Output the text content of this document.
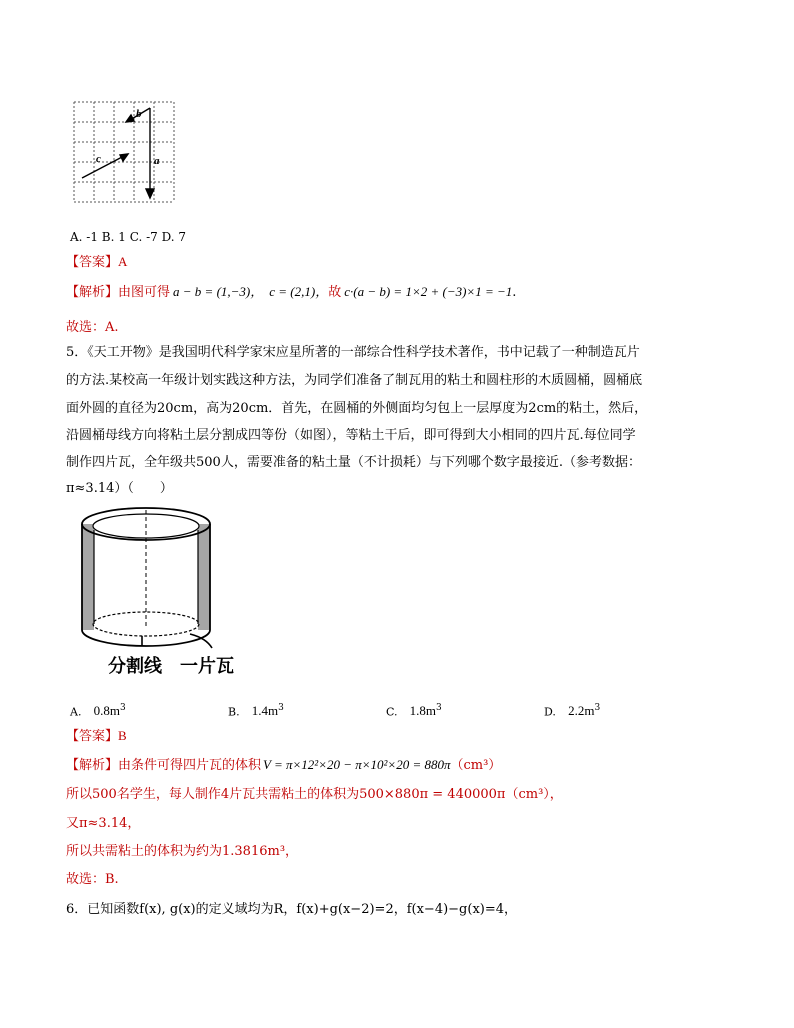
b
c	a
A. -1 B. 1 C. -7 D. 7
【答案】A
【解析】由图可得 a − b = (1,−3)， c = (2,1)，故 c·(a − b) = 1×2 + (−3)×1 = −1.
故选：A.
5．《天工开物》是我国明代科学家宋应星所著的一部综合性科学技术著作，书中记载了一种制造瓦片
的方法.某校高一年级计划实践这种方法，为同学们准备了制瓦用的粘土和圆柱形的木质圆桶，圆桶底
面外圆的直径为20cm，高为20cm．首先，在圆桶的外侧面均匀包上一层厚度为2cm的粘土，然后，
沿圆桶母线方向将粘土层分割成四等份（如图），等粘土干后，即可得到大小相同的四片瓦.每位同学
制作四片瓦，全年级共500人，需要准备的粘土量（不计损耗）与下列哪个数字最接近.（参考数据：
π≈3.14）（　　）
分割线 一片瓦
A. $0.8m^3$	B. $1.4m^3$	C. $1.8m^3$	D. $2.2m^3$
【答案】B
【解析】由条件可得四片瓦的体积 V = π×12²×20 − π×10²×20 = 880π（cm³）
所以500名学生，每人制作4片瓦共需粘土的体积为500×880π = 440000π（cm³），
又π≈3.14，
所以共需粘土的体积为约为1.3816m³，
故选：B.
6．已知函数f(x), g(x)的定义域均为R，f(x)+g(x−2)=2，f(x−4)−g(x)=4，
